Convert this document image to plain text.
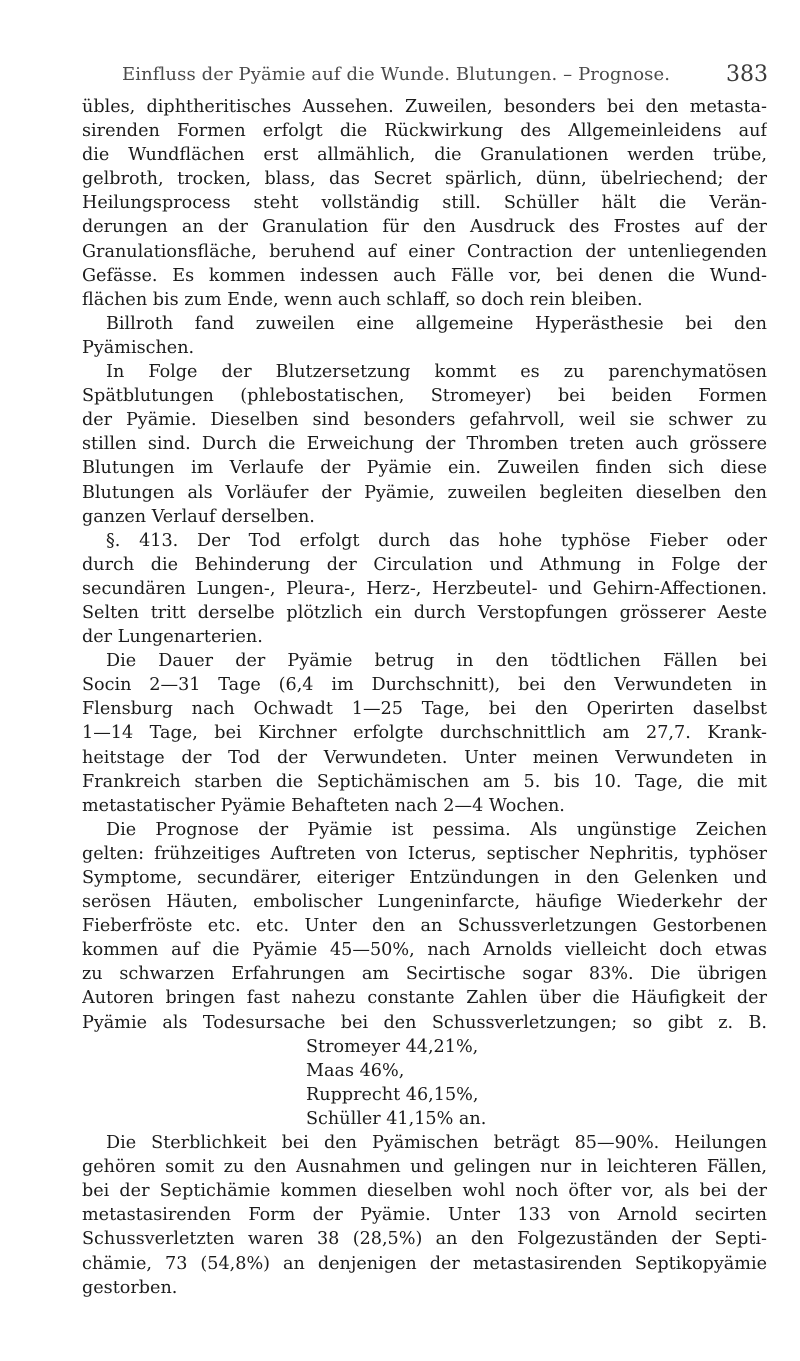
Einfluss der Pyämie auf die Wunde. Blutungen. – Prognose.	383
übles, diphtheritisches Aussehen. Zuweilen, besonders bei den metasta-
sirenden Formen erfolgt die Rückwirkung des Allgemeinleidens auf
die Wundflächen erst allmählich, die Granulationen werden trübe,
gelbroth, trocken, blass, das Secret spärlich, dünn, übelriechend; der
Heilungsprocess steht vollständig still. Schüller hält die Verän-
derungen an der Granulation für den Ausdruck des Frostes auf der
Granulationsfläche, beruhend auf einer Contraction der untenliegenden
Gefässe. Es kommen indessen auch Fälle vor, bei denen die Wund-
flächen bis zum Ende, wenn auch schlaff, so doch rein bleiben.
Billroth fand zuweilen eine allgemeine Hyperästhesie bei den
Pyämischen.
In Folge der Blutzersetzung kommt es zu parenchymatösen
Spätblutungen (phlebostatischen, Stromeyer) bei beiden Formen
der Pyämie. Dieselben sind besonders gefahrvoll, weil sie schwer zu
stillen sind. Durch die Erweichung der Thromben treten auch grössere
Blutungen im Verlaufe der Pyämie ein. Zuweilen finden sich diese
Blutungen als Vorläufer der Pyämie, zuweilen begleiten dieselben den
ganzen Verlauf derselben.
§. 413. Der Tod erfolgt durch das hohe typhöse Fieber oder
durch die Behinderung der Circulation und Athmung in Folge der
secundären Lungen-, Pleura-, Herz-, Herzbeutel- und Gehirn-Affectionen.
Selten tritt derselbe plötzlich ein durch Verstopfungen grösserer Aeste
der Lungenarterien.
Die Dauer der Pyämie betrug in den tödtlichen Fällen bei
Socin 2—31 Tage (6,4 im Durchschnitt), bei den Verwundeten in
Flensburg nach Ochwadt 1—25 Tage, bei den Operirten daselbst
1—14 Tage, bei Kirchner erfolgte durchschnittlich am 27,7. Krank-
heitstage der Tod der Verwundeten. Unter meinen Verwundeten in
Frankreich starben die Septichämischen am 5. bis 10. Tage, die mit
metastatischer Pyämie Behafteten nach 2—4 Wochen.
Die Prognose der Pyämie ist pessima. Als ungünstige Zeichen
gelten: frühzeitiges Auftreten von Icterus, septischer Nephritis, typhöser
Symptome, secundärer, eiteriger Entzündungen in den Gelenken und
serösen Häuten, embolischer Lungeninfarcte, häufige Wiederkehr der
Fieberfröste etc. etc. Unter den an Schussverletzungen Gestorbenen
kommen auf die Pyämie 45—50%, nach Arnolds vielleicht doch etwas
zu schwarzen Erfahrungen am Secirtische sogar 83%. Die übrigen
Autoren bringen fast nahezu constante Zahlen über die Häufigkeit der
Pyämie als Todesursache bei den Schussverletzungen; so gibt z. B.
Stromeyer 44,21%,
Maas 46%,
Rupprecht 46,15%,
Schüller 41,15% an.
Die Sterblichkeit bei den Pyämischen beträgt 85—90%. Heilungen
gehören somit zu den Ausnahmen und gelingen nur in leichteren Fällen,
bei der Septichämie kommen dieselben wohl noch öfter vor, als bei der
metastasirenden Form der Pyämie. Unter 133 von Arnold secirten
Schussverletzten waren 38 (28,5%) an den Folgezuständen der Septi-
chämie, 73 (54,8%) an denjenigen der metastasirenden Septikopyämie
gestorben.
